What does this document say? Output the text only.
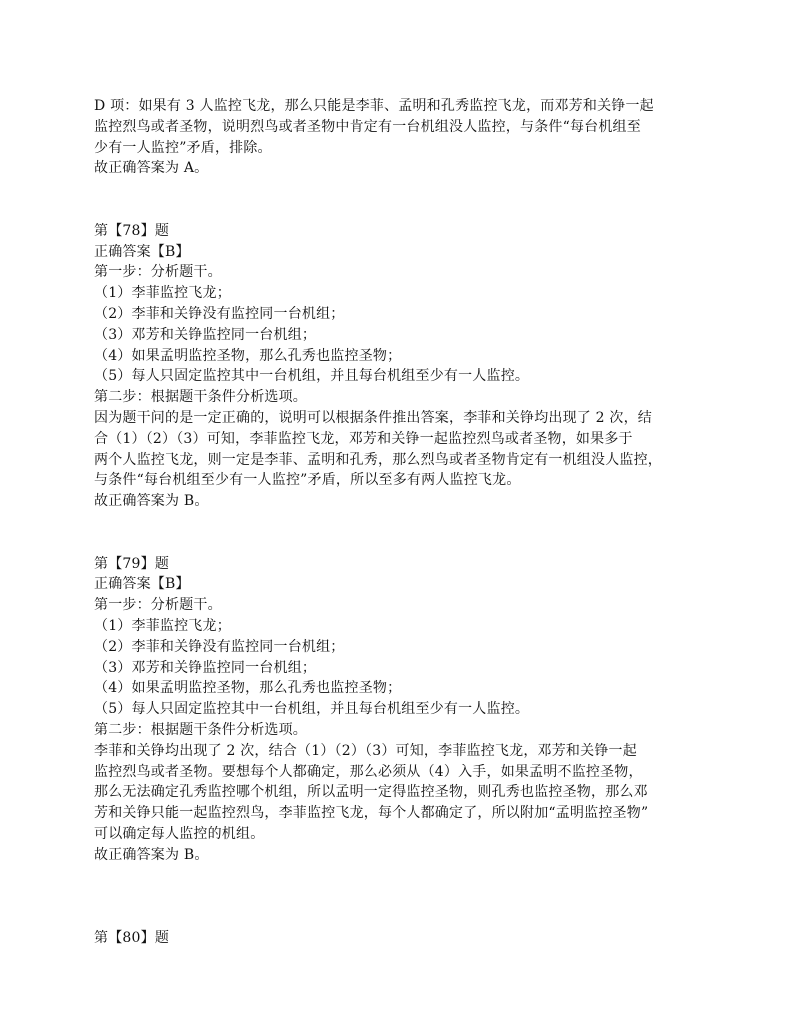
D 项：如果有 3 人监控飞龙，那么只能是李菲、孟明和孔秀监控飞龙，而邓芳和关铮一起
监控烈鸟或者圣物，说明烈鸟或者圣物中肯定有一台机组没人监控，与条件“每台机组至
少有一人监控”矛盾，排除。
故正确答案为 A。
第【78】题
正确答案【B】
第一步：分析题干。
（1）李菲监控飞龙；
（2）李菲和关铮没有监控同一台机组；
（3）邓芳和关铮监控同一台机组；
（4）如果孟明监控圣物，那么孔秀也监控圣物；
（5）每人只固定监控其中一台机组，并且每台机组至少有一人监控。
第二步：根据题干条件分析选项。
因为题干问的是一定正确的，说明可以根据条件推出答案，李菲和关铮均出现了 2 次，结
合（1）（2）（3）可知，李菲监控飞龙，邓芳和关铮一起监控烈鸟或者圣物，如果多于
两个人监控飞龙，则一定是李菲、孟明和孔秀，那么烈鸟或者圣物肯定有一机组没人监控，
与条件“每台机组至少有一人监控”矛盾，所以至多有两人监控飞龙。
故正确答案为 B。
第【79】题
正确答案【B】
第一步：分析题干。
（1）李菲监控飞龙；
（2）李菲和关铮没有监控同一台机组；
（3）邓芳和关铮监控同一台机组；
（4）如果孟明监控圣物，那么孔秀也监控圣物；
（5）每人只固定监控其中一台机组，并且每台机组至少有一人监控。
第二步：根据题干条件分析选项。
李菲和关铮均出现了 2 次，结合（1）（2）（3）可知，李菲监控飞龙，邓芳和关铮一起
监控烈鸟或者圣物。要想每个人都确定，那么必须从（4）入手，如果孟明不监控圣物，
那么无法确定孔秀监控哪个机组，所以孟明一定得监控圣物，则孔秀也监控圣物，那么邓
芳和关铮只能一起监控烈鸟，李菲监控飞龙，每个人都确定了，所以附加“孟明监控圣物”
可以确定每人监控的机组。
故正确答案为 B。
第【80】题
